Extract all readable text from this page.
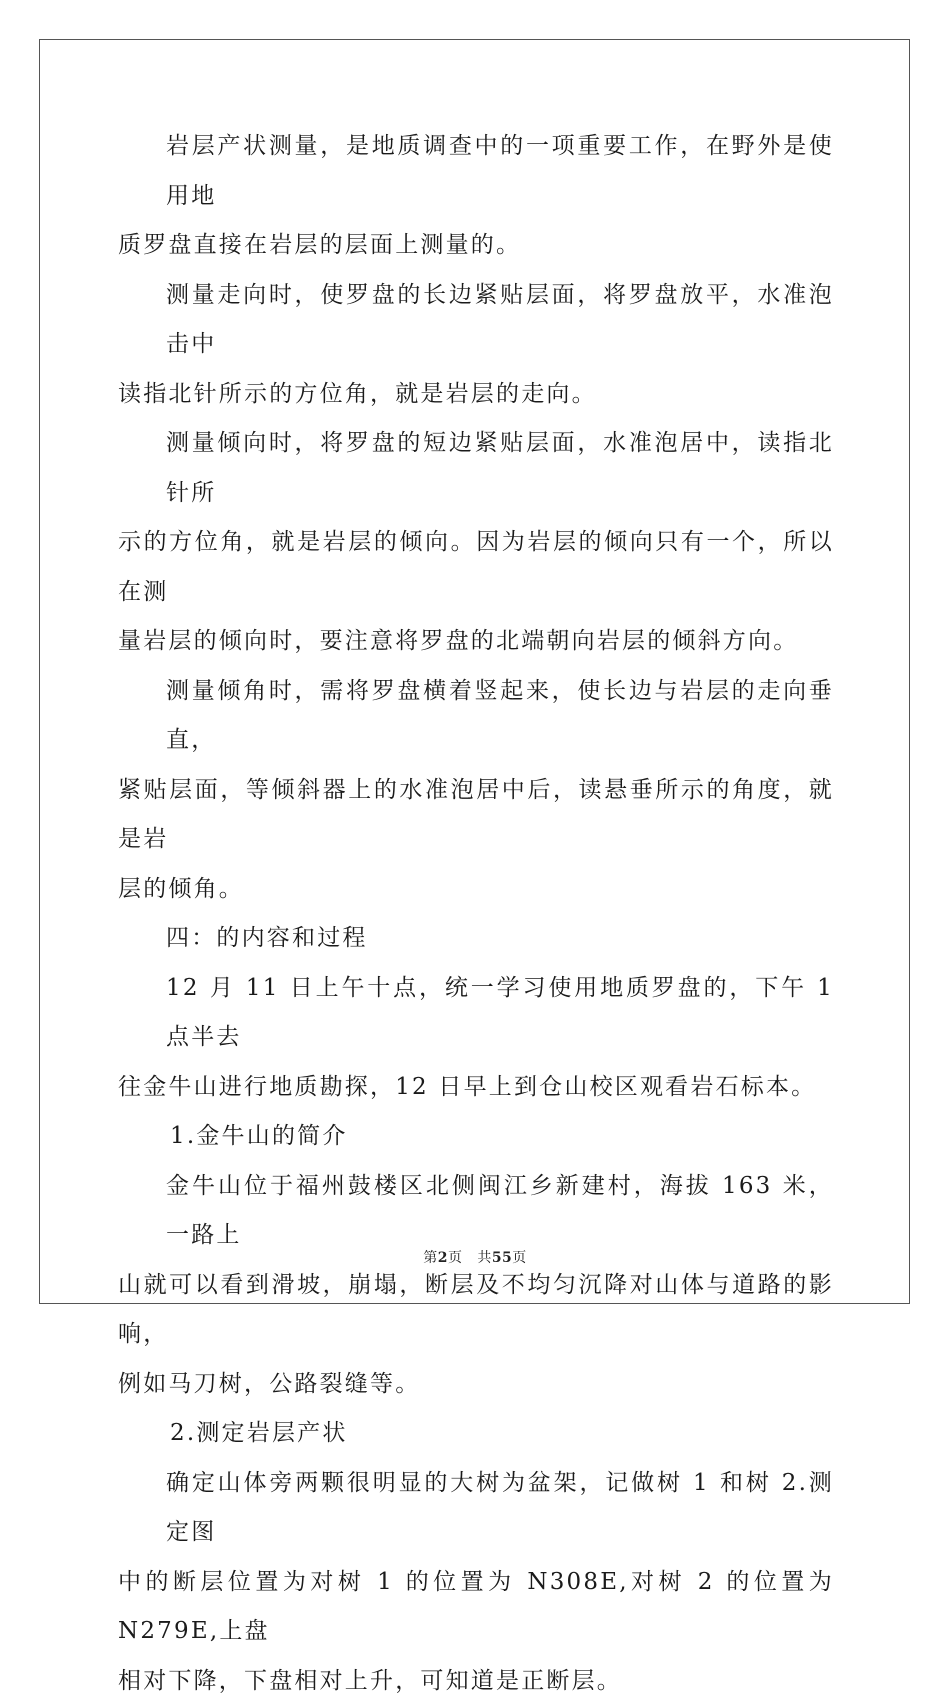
岩层产状测量，是地质调查中的一项重要工作，在野外是使用地
质罗盘直接在岩层的层面上测量的。

测量走向时，使罗盘的长边紧贴层面，将罗盘放平，水准泡击中
读指北针所示的方位角，就是岩层的走向。

测量倾向时，将罗盘的短边紧贴层面，水准泡居中，读指北针所
示的方位角，就是岩层的倾向。因为岩层的倾向只有一个，所以在测
量岩层的倾向时，要注意将罗盘的北端朝向岩层的倾斜方向。

测量倾角时，需将罗盘横着竖起来，使长边与岩层的走向垂直，
紧贴层面，等倾斜器上的水准泡居中后，读悬垂所示的角度，就是岩
层的倾角。

四：的内容和过程

12 月 11 日上午十点，统一学习使用地质罗盘的，下午 1 点半去
往金牛山进行地质勘探，12 日早上到仓山校区观看岩石标本。

1.金牛山的简介

金牛山位于福州鼓楼区北侧闽江乡新建村，海拔 163 米，一路上
山就可以看到滑坡，崩塌，断层及不均匀沉降对山体与道路的影响，
例如马刀树，公路裂缝等。

2.测定岩层产状

确定山体旁两颗很明显的大树为盆架，记做树 1 和树 2.测定图
中的断层位置为对树 1 的位置为 N308E,对树 2 的位置为 N279E,上盘
相对下降，下盘相对上升，可知道是正断层。

第2页 共55页
